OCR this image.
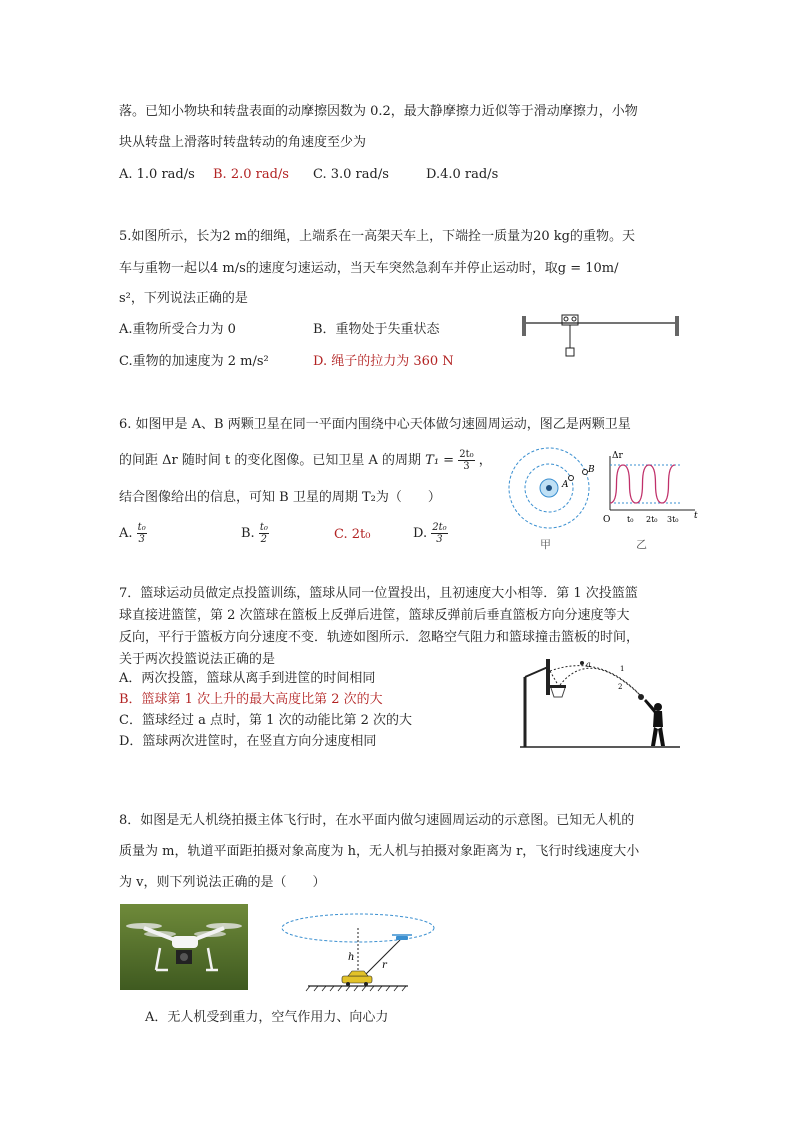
落。已知小物块和转盘表面的动摩擦因数为 0.2，最大静摩擦力近似等于滑动摩擦力，小物
块从转盘上滑落时转盘转动的角速度至少为
A. 1.0 rad/s B. 2.0 rad/s C. 3.0 rad/s	D.4.0 rad/s
5.如图所示，长为2 m的细绳，上端系在一高架天车上，下端拴一质量为20 kg的重物。天
车与重物一起以4 m/s的速度匀速运动，当天车突然急刹车并停止运动时，取g = 10m/
s²，下列说法正确的是
A.重物所受合力为 0	B．重物处于失重状态
C.重物的加速度为 2 m/s²	D. 绳子的拉力为 360 N
6. 如图甲是 A、B 两颗卫星在同一平面内围绕中心天体做匀速圆周运动，图乙是两颗卫星
的间距 Δr 随时间 t 的变化图像。已知卫星 A 的周期 $T_1 = \frac{\text{2t₀}}{3}$ ，
结合图像给出的信息，可知 B 卫星的周期 T₂为（　　）
A. $\frac{\text{t₀}}{3}$	B. $\frac{\text{t₀}}{2}$	C. 2t₀	D. $\frac{\text{2t₀}}{3}$
A
B
甲
Δr
t
O t₀ 2t₀ 3t₀
乙
7．篮球运动员做定点投篮训练，篮球从同一位置投出，且初速度大小相等．第 1 次投篮篮
球直接进篮筐，第 2 次篮球在篮板上反弹后进筐，篮球反弹前后垂直篮板方向分速度等大
反向，平行于篮板方向分速度不变．轨迹如图所示．忽略空气阻力和篮球撞击篮板的时间，
关于两次投篮说法正确的是
A．两次投篮，篮球从离手到进筐的时间相同
B．篮球第 1 次上升的最大高度比第 2 次的大
C．篮球经过 a 点时，第 1 次的动能比第 2 次的大
D．篮球两次进筐时，在竖直方向分速度相同
a	1
2
8．如图是无人机绕拍摄主体飞行时，在水平面内做匀速圆周运动的示意图。已知无人机的
质量为 m，轨道平面距拍摄对象高度为 h，无人机与拍摄对象距离为 r，飞行时线速度大小
为 v，则下列说法正确的是（　　）
h
r
A．无人机受到重力，空气作用力、向心力
